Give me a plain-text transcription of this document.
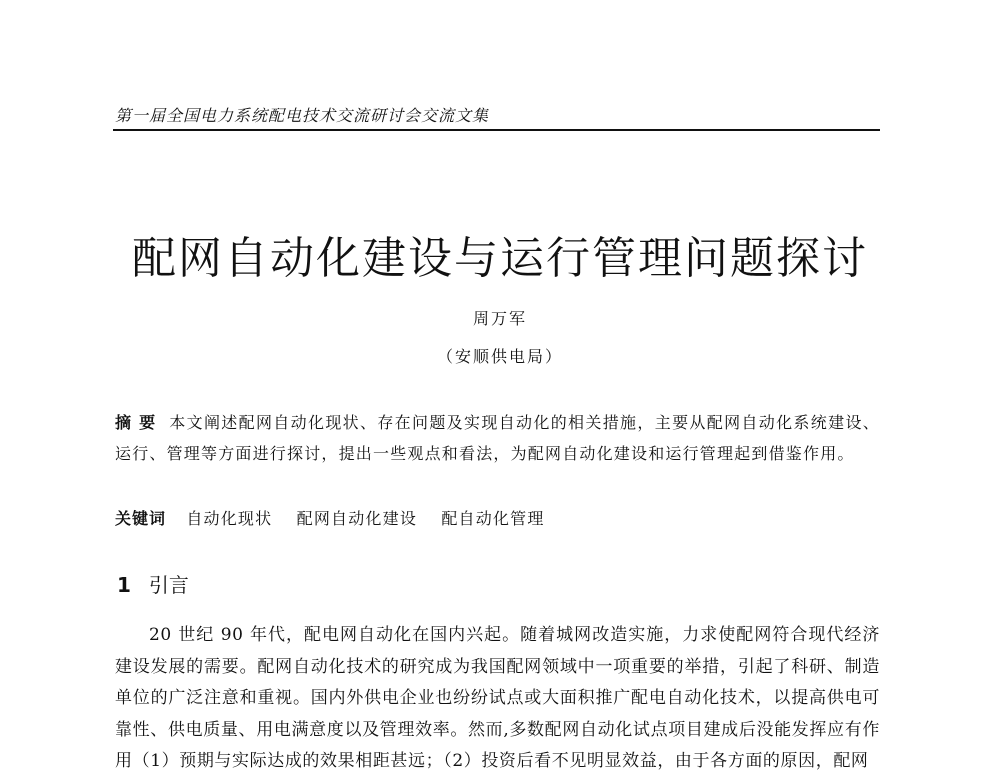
第一届全国电力系统配电技术交流研讨会交流文集
配网自动化建设与运行管理问题探讨
周万军
（安顺供电局）
摘要 本文阐述配网自动化现状、存在问题及实现自动化的相关措施，主要从配网自动化系统建设、运行、管理等方面进行探讨，提出一些观点和看法，为配网自动化建设和运行管理起到借鉴作用。
关键词 自动化现状 配网自动化建设 配自动化管理
1 引言
20 世纪 90 年代，配电网自动化在国内兴起。随着城网改造实施，力求使配网符合现代经济建设发展的需要。配网自动化技术的研究成为我国配网领域中一项重要的举措，引起了科研、制造单位的广泛注意和重视。国内外供电企业也纷纷试点或大面积推广配电自动化技术，以提高供电可靠性、供电质量、用电满意度以及管理效率。然而,多数配网自动化试点项目建成后没能发挥应有作用（1）预期与实际达成的效果相距甚远；（2）投资后看不见明显效益，由于各方面的原因，配网
